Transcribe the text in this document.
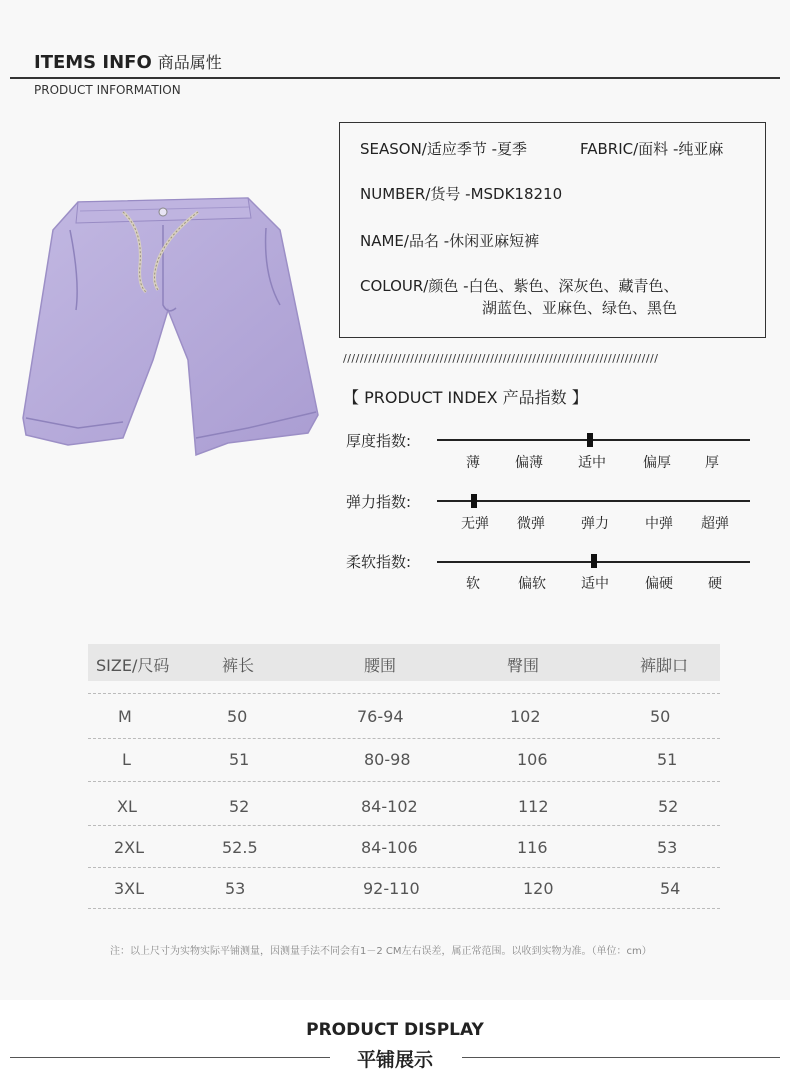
ITEMS INFO 商品属性
PRODUCT INFORMATION
SEASON/适应季节 -夏季	FABRIC/面料 -纯亚麻
NUMBER/货号 -MSDK18210
NAME/品名 -休闲亚麻短裤
COLOUR/颜色 -白色、紫色、深灰色、藏青色、
湖蓝色、亚麻色、绿色、黑色
///////////////////////////////////////////////////////////////////////////
【 PRODUCT INDEX 产品指数 】
厚度指数:
薄	偏薄	适中	偏厚	厚
弹力指数:
无弹	微弹	弹力	中弹	超弹
柔软指数:
软	偏软	适中	偏硬	硬
SIZE/尺码	裤长	腰围	臀围	裤脚口
M	50	76-94	102	50
L	51	80-98	106	51
XL	52	84-102	112	52
2XL	52.5	84-106	116	53
3XL	53	92-110	120	54
注：以上尺寸为实物实际平铺测量，因测量手法不同会有1－2 CM左右误差，属正常范围。以收到实物为准。（单位：cm）
PRODUCT DISPLAY
平铺展示
